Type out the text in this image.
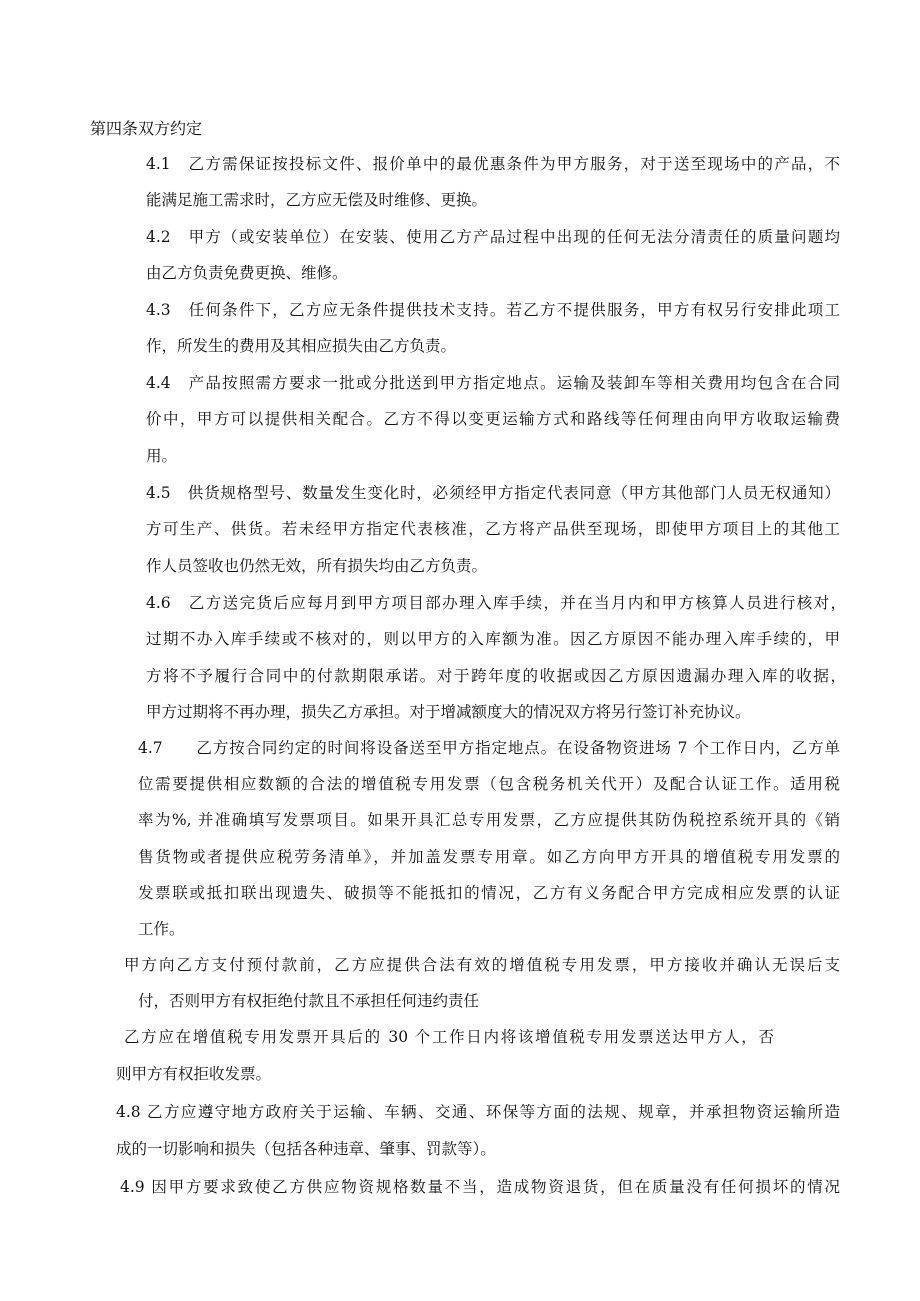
第四条双方约定
4.1　乙方需保证按投标文件、报价单中的最优惠条件为甲方服务，对于送至现场中的产品，不
能满足施工需求时，乙方应无偿及时维修、更换。
4.2　甲方（或安装单位）在安装、使用乙方产品过程中出现的任何无法分清责任的质量问题均
由乙方负责免费更换、维修。
4.3　任何条件下，乙方应无条件提供技术支持。若乙方不提供服务，甲方有权另行安排此项工
作，所发生的费用及其相应损失由乙方负责。
4.4　产品按照需方要求一批或分批送到甲方指定地点。运输及装卸车等相关费用均包含在合同
价中，甲方可以提供相关配合。乙方不得以变更运输方式和路线等任何理由向甲方收取运输费
用。
4.5　供货规格型号、数量发生变化时，必须经甲方指定代表同意（甲方其他部门人员无权通知）
方可生产、供货。若未经甲方指定代表核准，乙方将产品供至现场，即使甲方项目上的其他工
作人员签收也仍然无效，所有损失均由乙方负责。
4.6　乙方送完货后应每月到甲方项目部办理入库手续，并在当月内和甲方核算人员进行核对，
过期不办入库手续或不核对的，则以甲方的入库额为准。因乙方原因不能办理入库手续的，甲
方将不予履行合同中的付款期限承诺。对于跨年度的收据或因乙方原因遗漏办理入库的收据，
甲方过期将不再办理，损失乙方承担。对于增减额度大的情况双方将另行签订补充协议。
4.7　　乙方按合同约定的时间将设备送至甲方指定地点。在设备物资进场 7 个工作日内，乙方单
位需要提供相应数额的合法的增值税专用发票（包含税务机关代开）及配合认证工作。适用税
率为%, 并准确填写发票项目。如果开具汇总专用发票，乙方应提供其防伪税控系统开具的《销
售货物或者提供应税劳务清单》，并加盖发票专用章。如乙方向甲方开具的增值税专用发票的
发票联或抵扣联出现遗失、破损等不能抵扣的情况，乙方有义务配合甲方完成相应发票的认证
工作。
甲方向乙方支付预付款前，乙方应提供合法有效的增值税专用发票，甲方接收并确认无误后支
付，否则甲方有权拒绝付款且不承担任何违约责任
乙方应在增值税专用发票开具后的 30 个工作日内将该增值税专用发票送达甲方人，否
则甲方有权拒收发票。
4.8 乙方应遵守地方政府关于运输、车辆、交通、环保等方面的法规、规章，并承担物资运输所造
成的一切影响和损失（包括各种违章、肇事、罚款等）。
4.9 因甲方要求致使乙方供应物资规格数量不当，造成物资退货，但在质量没有任何损坏的情况
